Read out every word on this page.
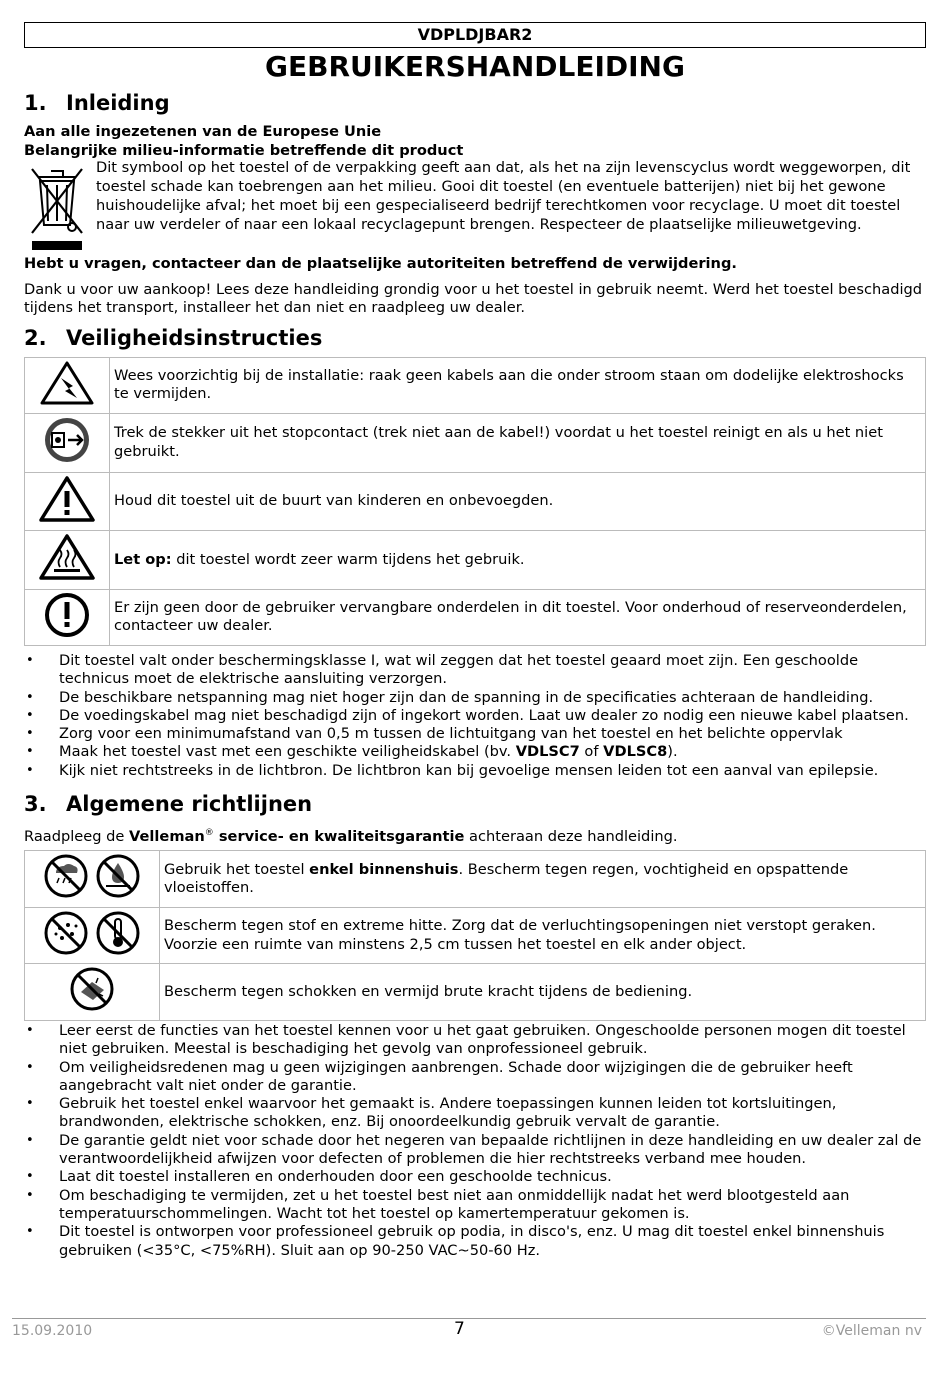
VDPLDJBAR2
GEBRUIKERSHANDLEIDING
1. Inleiding
Aan alle ingezetenen van de Europese Unie
Belangrijke milieu-informatie betreffende dit product
Dit symbool op het toestel of de verpakking geeft aan dat, als het na zijn levenscyclus wordt weggeworpen, dit toestel schade kan toebrengen aan het milieu. Gooi dit toestel (en eventuele batterijen) niet bij het gewone huishoudelijke afval; het moet bij een gespecialiseerd bedrijf terechtkomen voor recyclage. U moet dit toestel naar uw verdeler of naar een lokaal recyclagepunt brengen. Respecteer de plaatselijke milieuwetgeving.
Hebt u vragen, contacteer dan de plaatselijke autoriteiten betreffend de verwijdering.
Dank u voor uw aankoop! Lees deze handleiding grondig voor u het toestel in gebruik neemt. Werd het toestel beschadigd tijdens het transport, installeer het dan niet en raadpleeg uw dealer.
2. Veiligheidsinstructies
	Wees voorzichtig bij de installatie: raak geen kabels aan die onder stroom staan om dodelijke elektroshocks te vermijden.
	Trek de stekker uit het stopcontact (trek niet aan de kabel!) voordat u het toestel reinigt en als u het niet gebruikt.
	Houd dit toestel uit de buurt van kinderen en onbevoegden.
	Let op: dit toestel wordt zeer warm tijdens het gebruik.
	Er zijn geen door de gebruiker vervangbare onderdelen in dit toestel. Voor onderhoud of reserveonderdelen, contacteer uw dealer.
• Dit toestel valt onder beschermingsklasse I, wat wil zeggen dat het toestel geaard moet zijn. Een geschoolde technicus moet de elektrische aansluiting verzorgen.
• De beschikbare netspanning mag niet hoger zijn dan de spanning in de specificaties achteraan de handleiding.
• De voedingskabel mag niet beschadigd zijn of ingekort worden. Laat uw dealer zo nodig een nieuwe kabel plaatsen.
• Zorg voor een minimumafstand van 0,5 m tussen de lichtuitgang van het toestel en het belichte oppervlak
• Maak het toestel vast met een geschikte veiligheidskabel (bv. VDLSC7 of VDLSC8).
• Kijk niet rechtstreeks in de lichtbron. De lichtbron kan bij gevoelige mensen leiden tot een aanval van epilepsie.
3. Algemene richtlijnen
Raadpleeg de Velleman® service- en kwaliteitsgarantie achteraan deze handleiding.
	Gebruik het toestel enkel binnenshuis. Bescherm tegen regen, vochtigheid en opspattende vloeistoffen.
	Bescherm tegen stof en extreme hitte. Zorg dat de verluchtingsopeningen niet verstopt geraken. Voorzie een ruimte van minstens 2,5 cm tussen het toestel en elk ander object.
	Bescherm tegen schokken en vermijd brute kracht tijdens de bediening.
• Leer eerst de functies van het toestel kennen voor u het gaat gebruiken. Ongeschoolde personen mogen dit toestel niet gebruiken. Meestal is beschadiging het gevolg van onprofessioneel gebruik.
• Om veiligheidsredenen mag u geen wijzigingen aanbrengen. Schade door wijzigingen die de gebruiker heeft aangebracht valt niet onder de garantie.
• Gebruik het toestel enkel waarvoor het gemaakt is. Andere toepassingen kunnen leiden tot kortsluitingen, brandwonden, elektrische schokken, enz. Bij onoordeelkundig gebruik vervalt de garantie.
• De garantie geldt niet voor schade door het negeren van bepaalde richtlijnen in deze handleiding en uw dealer zal de verantwoordelijkheid afwijzen voor defecten of problemen die hier rechtstreeks verband mee houden.
• Laat dit toestel installeren en onderhouden door een geschoolde technicus.
• Om beschadiging te vermijden, zet u het toestel best niet aan onmiddellijk nadat het werd blootgesteld aan temperatuurschommelingen. Wacht tot het toestel op kamertemperatuur gekomen is.
• Dit toestel is ontworpen voor professioneel gebruik op podia, in disco's, enz. U mag dit toestel enkel binnenshuis gebruiken (<35°C, <75%RH). Sluit aan op 90-250 VAC~50-60 Hz.
15.09.2010	7	©Velleman nv
